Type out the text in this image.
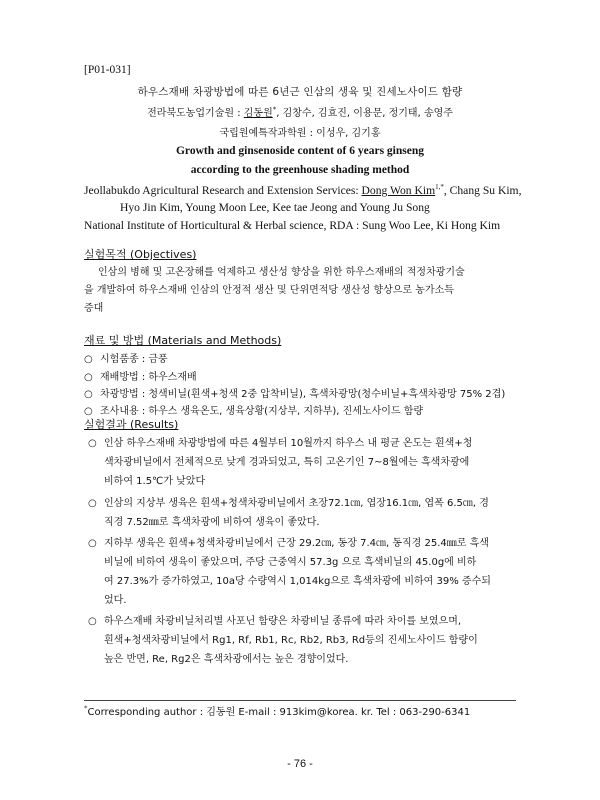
[P01-031]
하우스재배 차광방법에 따른 6년근 인삼의 생육 및 진세노사이드 함량
전라북도농업기술원 : 김동원*, 김창수, 김효진, 이용문, 정기태, 송영주
국립원예특작과학원 : 이성우, 김기홍
Growth and ginsenoside content of 6 years ginseng
according to the greenhouse shading method
Jeollabukdo Agricultural Research and Extension Services: Dong Won Kim$^{1,*}$, Chang Su Kim,
Hyo Jin Kim, Young Moon Lee, Kee tae Jeong and Young Ju Song
National Institute of Horticultural & Herbal science, RDA : Sung Woo Lee, Ki Hong Kim
실험목적 (Objectives)
인삼의 병해 및 고온장해를 억제하고 생산성 향상을 위한 하우스재배의 적정차광기술
을 개발하여 하우스재배 인삼의 안정적 생산 및 단위면적당 생산성 향상으로 농가소득
증대
재료 및 방법 (Materials and Methods)
○ 시험품종 : 금풍
○ 재배방법 : 하우스재배
○ 차광방법 : 청색비닐(흰색+청색 2중 압착비닐), 흑색차광망(청수비닐+흑색차광망 75% 2겹)
○ 조사내용 : 하우스 생육온도, 생육상황(지상부, 지하부), 진세노사이드 함량
실험결과 (Results)
○ 인삼 하우스재배 차광방법에 따른 4월부터 10월까지 하우스 내 평균 온도는 흰색+청
색차광비닐에서 전체적으로 낮게 경과되었고, 특히 고온기인 7~8월에는 흑색차광에
비하여 1.5℃가 낮았다
○ 인삼의 지상부 생육은 흰색+청색차광비닐에서 초장72.1㎝, 엽장16.1㎝, 엽폭 6.5㎝, 경
직경 7.52㎜로 흑색차광에 비하여 생육이 좋았다.
○ 지하부 생육은 흰색+청색차광비닐에서 근장 29.2㎝, 동장 7.4㎝, 동직경 25.4㎜로 흑색
비닐에 비하여 생육이 좋았으며, 주당 근중역시 57.3g 으로 흑색비닐의 45.0g에 비하
여 27.3%가 증가하였고, 10a당 수량역시 1,014kg으로 흑색차광에 비하여 39% 증수되
었다.
○ 하우스재배 차광비닐처리별 사포닌 함량은 차광비닐 종류에 따라 차이를 보였으며,
흰색+청색차광비닐에서 Rg1, Rf, Rb1, Rc, Rb2, Rb3, Rd등의 진세노사이드 함량이
높은 반면, Re, Rg2은 흑색차광에서는 높은 경향이었다.
*Corresponding author : 김동원 E-mail : 913kim@korea. kr. Tel : 063-290-6341
- 76 -
